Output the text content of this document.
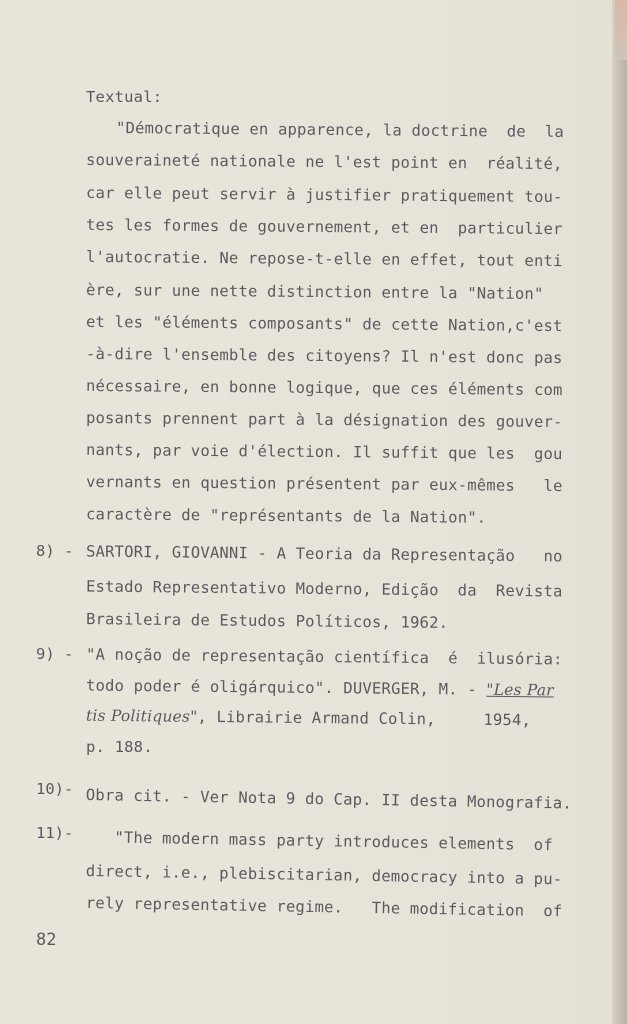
Textual:
"Démocratique en apparence, la doctrine  de  la
souveraineté nationale ne l'est point en  réalité,
car elle peut servir à justifier pratiquement tou-
tes les formes de gouvernement, et en  particulier
l'autocratie. Ne repose-t-elle en effet, tout enti
ère, sur une nette distinction entre la "Nation"
et les "éléments composants" de cette Nation,c'est
-à-dire l'ensemble des citoyens? Il n'est donc pas
nécessaire, en bonne logique, que ces éléments com
posants prennent part à la désignation des gouver-
nants, par voie d'élection. Il suffit que les  gou
vernants en question présentent par eux-mêmes   le
caractère de "représentants de la Nation".
8) - SARTORI, GIOVANNI - A Teoria da Representação   no
Estado Representativo Moderno, Edição  da  Revista
Brasileira de Estudos Políticos, 1962.
9) - "A noção de representação científica  é  ilusória:
todo poder é oligárquico". DUVERGER, M. - "Les Par
tis Politiques", Librairie Armand Colin,     1954,
p. 188.
10)- Obra cit. - Ver Nota 9 do Cap. II desta Monografia.
11)- "The modern mass party introduces elements  of
direct, i.e., plebiscitarian, democracy into a pu-
rely representative regime.   The modification  of
82
